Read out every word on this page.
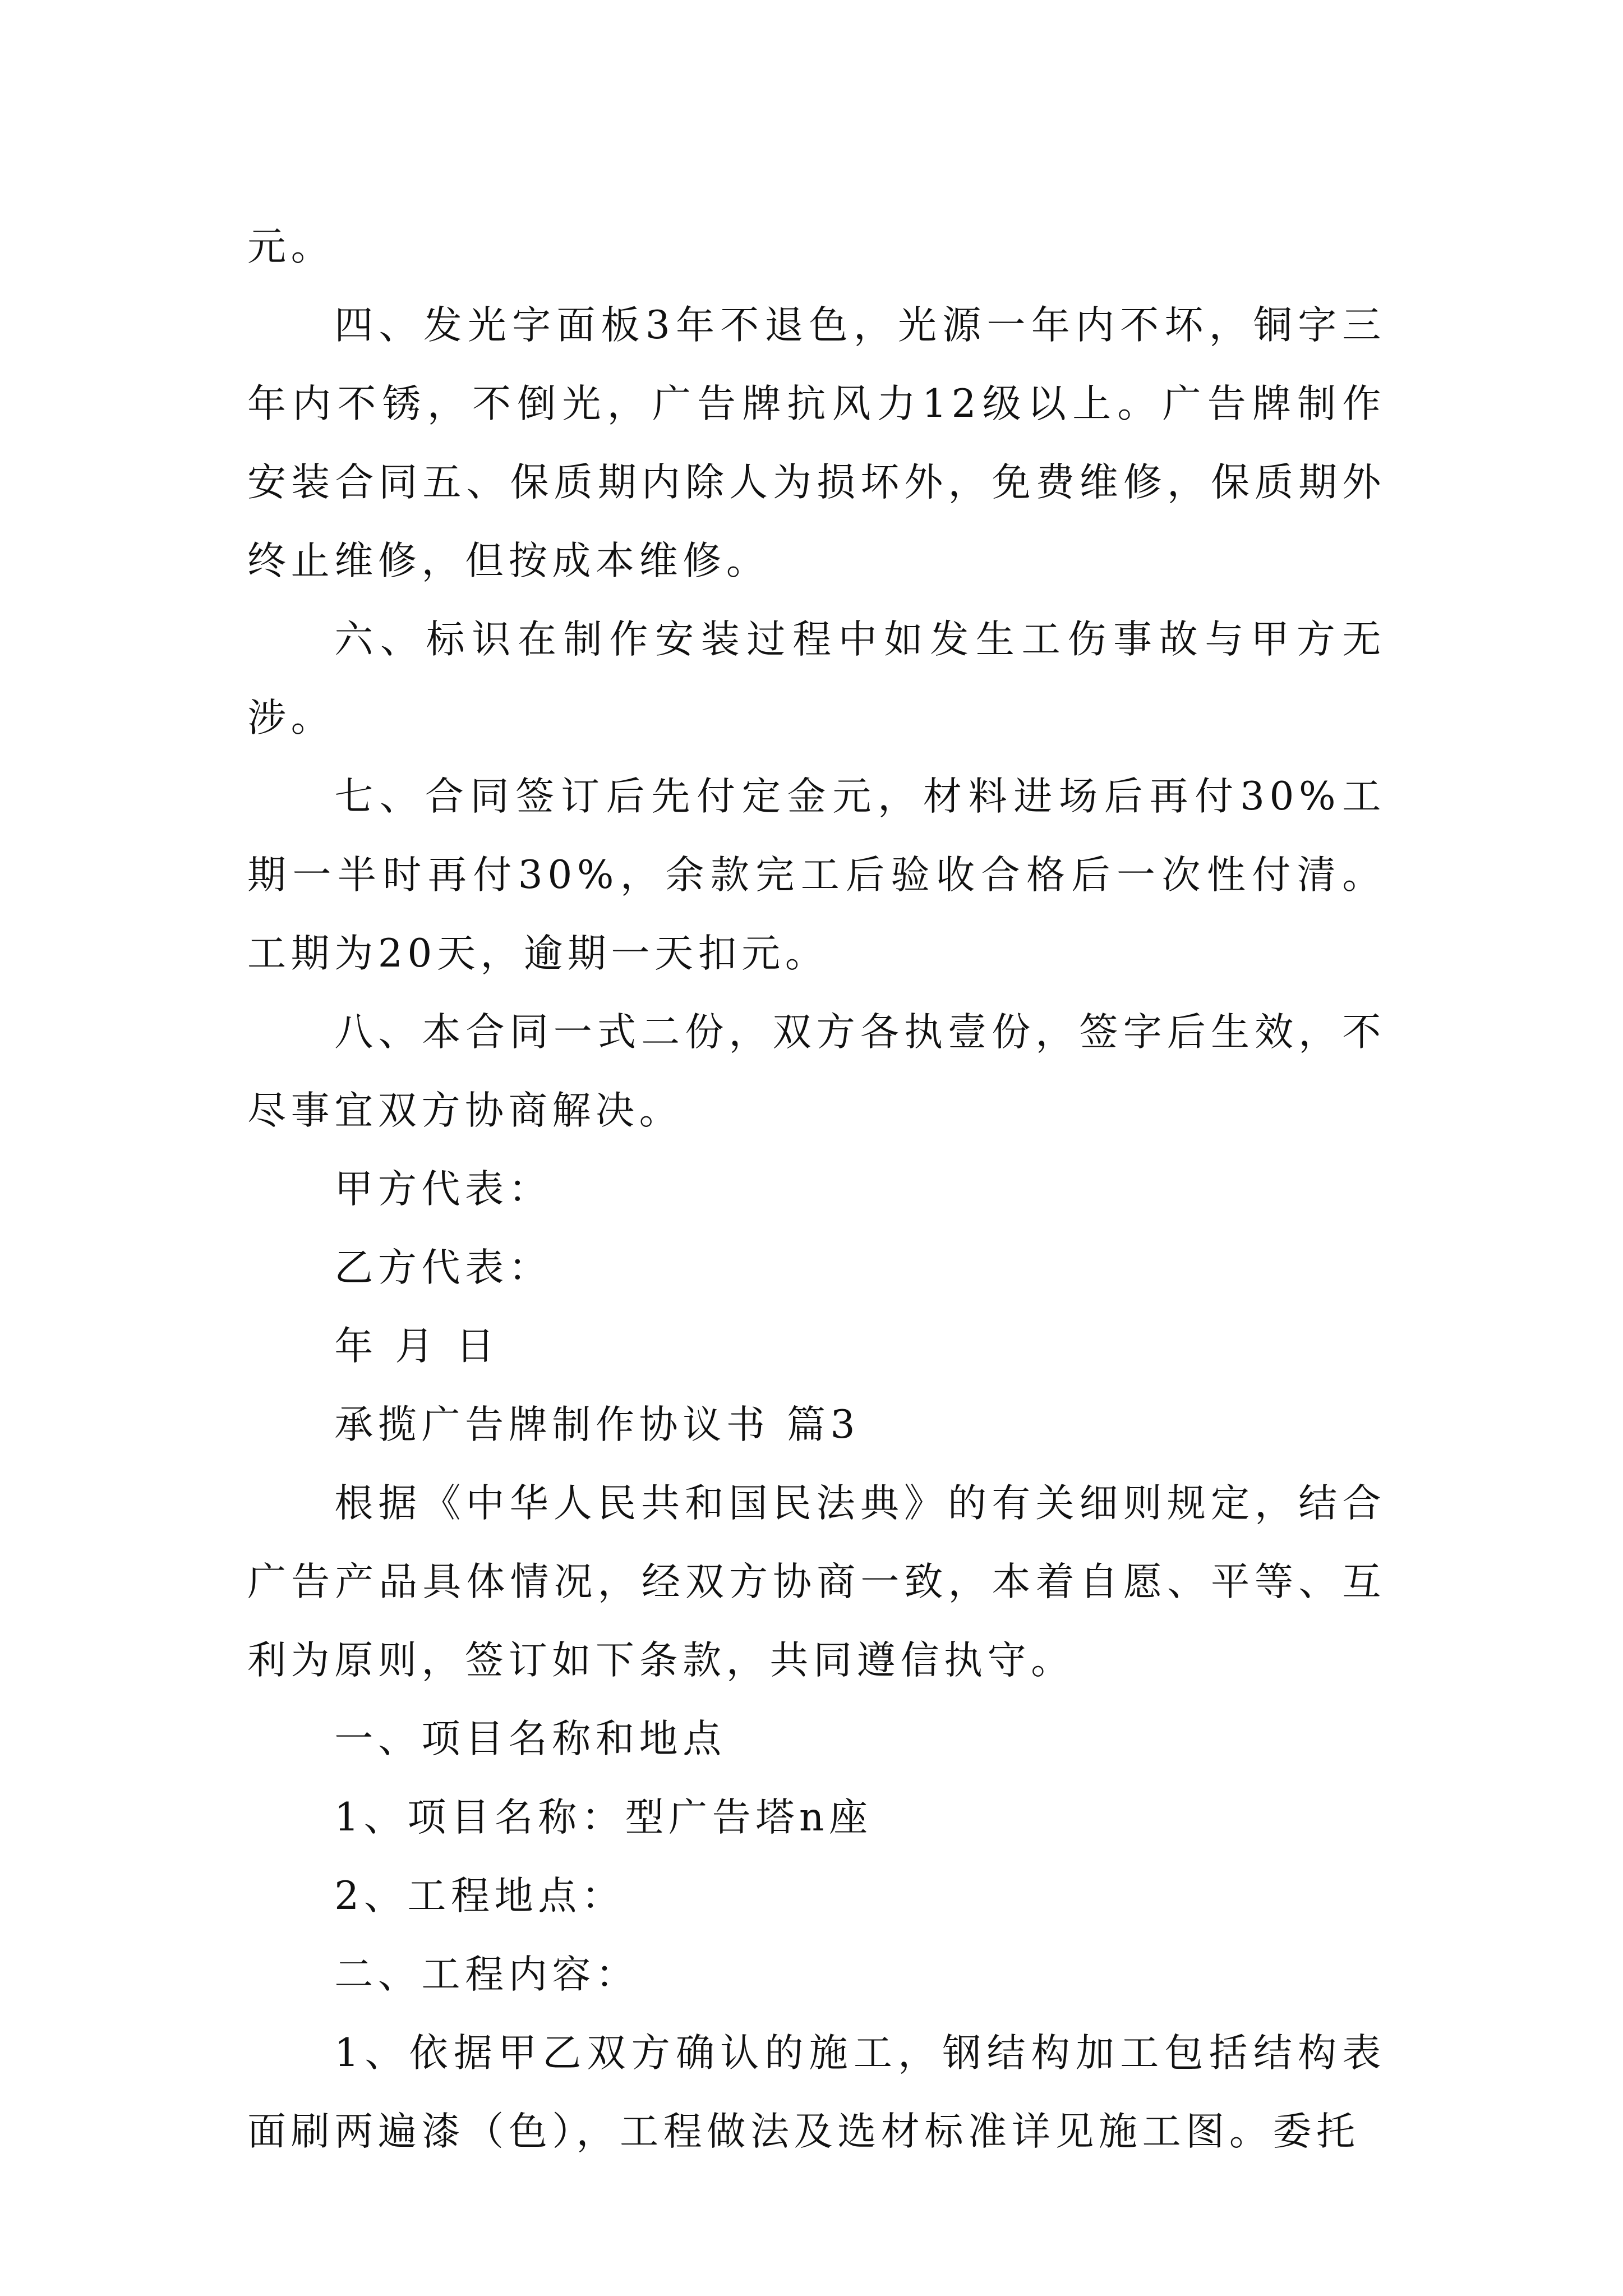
元。

四、发光字面板3年不退色，光源一年内不坏，铜字三年内不锈，不倒光，广告牌抗风力12级以上。广告牌制作安装合同五、保质期内除人为损坏外，免费维修，保质期外终止维修，但按成本维修。

六、标识在制作安装过程中如发生工伤事故与甲方无涉。

七、合同签订后先付定金元，材料进场后再付30%工期一半时再付30%，余款完工后验收合格后一次性付清。工期为20天，逾期一天扣元。

八、本合同一式二份，双方各执壹份，签字后生效，不尽事宜双方协商解决。

甲方代表：

乙方代表：

年 月 日

承揽广告牌制作协议书 篇3

根据《中华人民共和国民法典》的有关细则规定，结合广告产品具体情况，经双方协商一致，本着自愿、平等、互利为原则，签订如下条款，共同遵信执守。

一、项目名称和地点

1、项目名称：型广告塔n座

2、工程地点：

二、工程内容：

1、依据甲乙双方确认的施工，钢结构加工包括结构表面刷两遍漆（色），工程做法及选材标准详见施工图。委托
